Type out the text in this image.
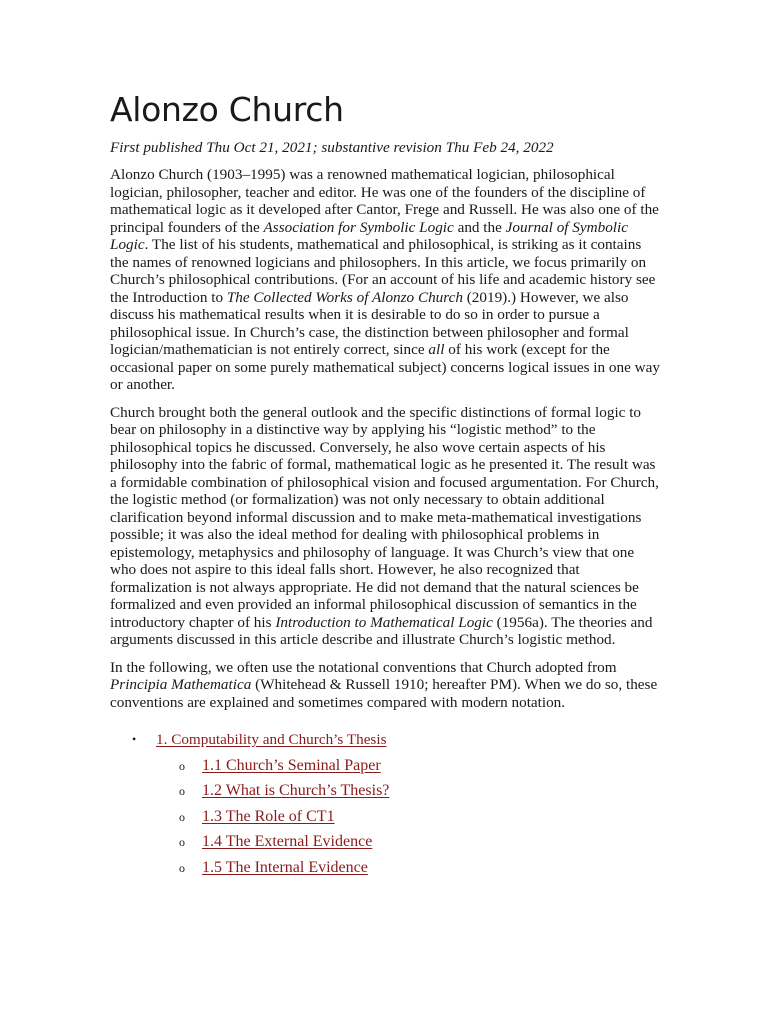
Alonzo Church
First published Thu Oct 21, 2021; substantive revision Thu Feb 24, 2022

Alonzo Church (1903–1995) was a renowned mathematical logician, philosophical logician, philosopher, teacher and editor. He was one of the founders of the discipline of mathematical logic as it developed after Cantor, Frege and Russell. He was also one of the principal founders of the Association for Symbolic Logic and the Journal of Symbolic Logic. The list of his students, mathematical and philosophical, is striking as it contains the names of renowned logicians and philosophers. In this article, we focus primarily on Church’s philosophical contributions. (For an account of his life and academic history see the Introduction to The Collected Works of Alonzo Church (2019).) However, we also discuss his mathematical results when it is desirable to do so in order to pursue a philosophical issue. In Church’s case, the distinction between philosopher and formal logician/mathematician is not entirely correct, since all of his work (except for the occasional paper on some purely mathematical subject) concerns logical issues in one way or another.

Church brought both the general outlook and the specific distinctions of formal logic to bear on philosophy in a distinctive way by applying his “logistic method” to the philosophical topics he discussed. Conversely, he also wove certain aspects of his philosophy into the fabric of formal, mathematical logic as he presented it. The result was a formidable combination of philosophical vision and focused argumentation. For Church, the logistic method (or formalization) was not only necessary to obtain additional clarification beyond informal discussion and to make meta-mathematical investigations possible; it was also the ideal method for dealing with philosophical problems in epistemology, metaphysics and philosophy of language. It was Church’s view that one who does not aspire to this ideal falls short. However, he also recognized that formalization is not always appropriate. He did not demand that the natural sciences be formalized and even provided an informal philosophical discussion of semantics in the introductory chapter of his Introduction to Mathematical Logic (1956a). The theories and arguments discussed in this article describe and illustrate Church’s logistic method.

In the following, we often use the notational conventions that Church adopted from Principia Mathematica (Whitehead & Russell 1910; hereafter PM). When we do so, these conventions are explained and sometimes compared with modern notation.

• 1. Computability and Church’s Thesis
o 1.1 Church’s Seminal Paper
o 1.2 What is Church’s Thesis?
o 1.3 The Role of CT1
o 1.4 The External Evidence
o 1.5 The Internal Evidence
